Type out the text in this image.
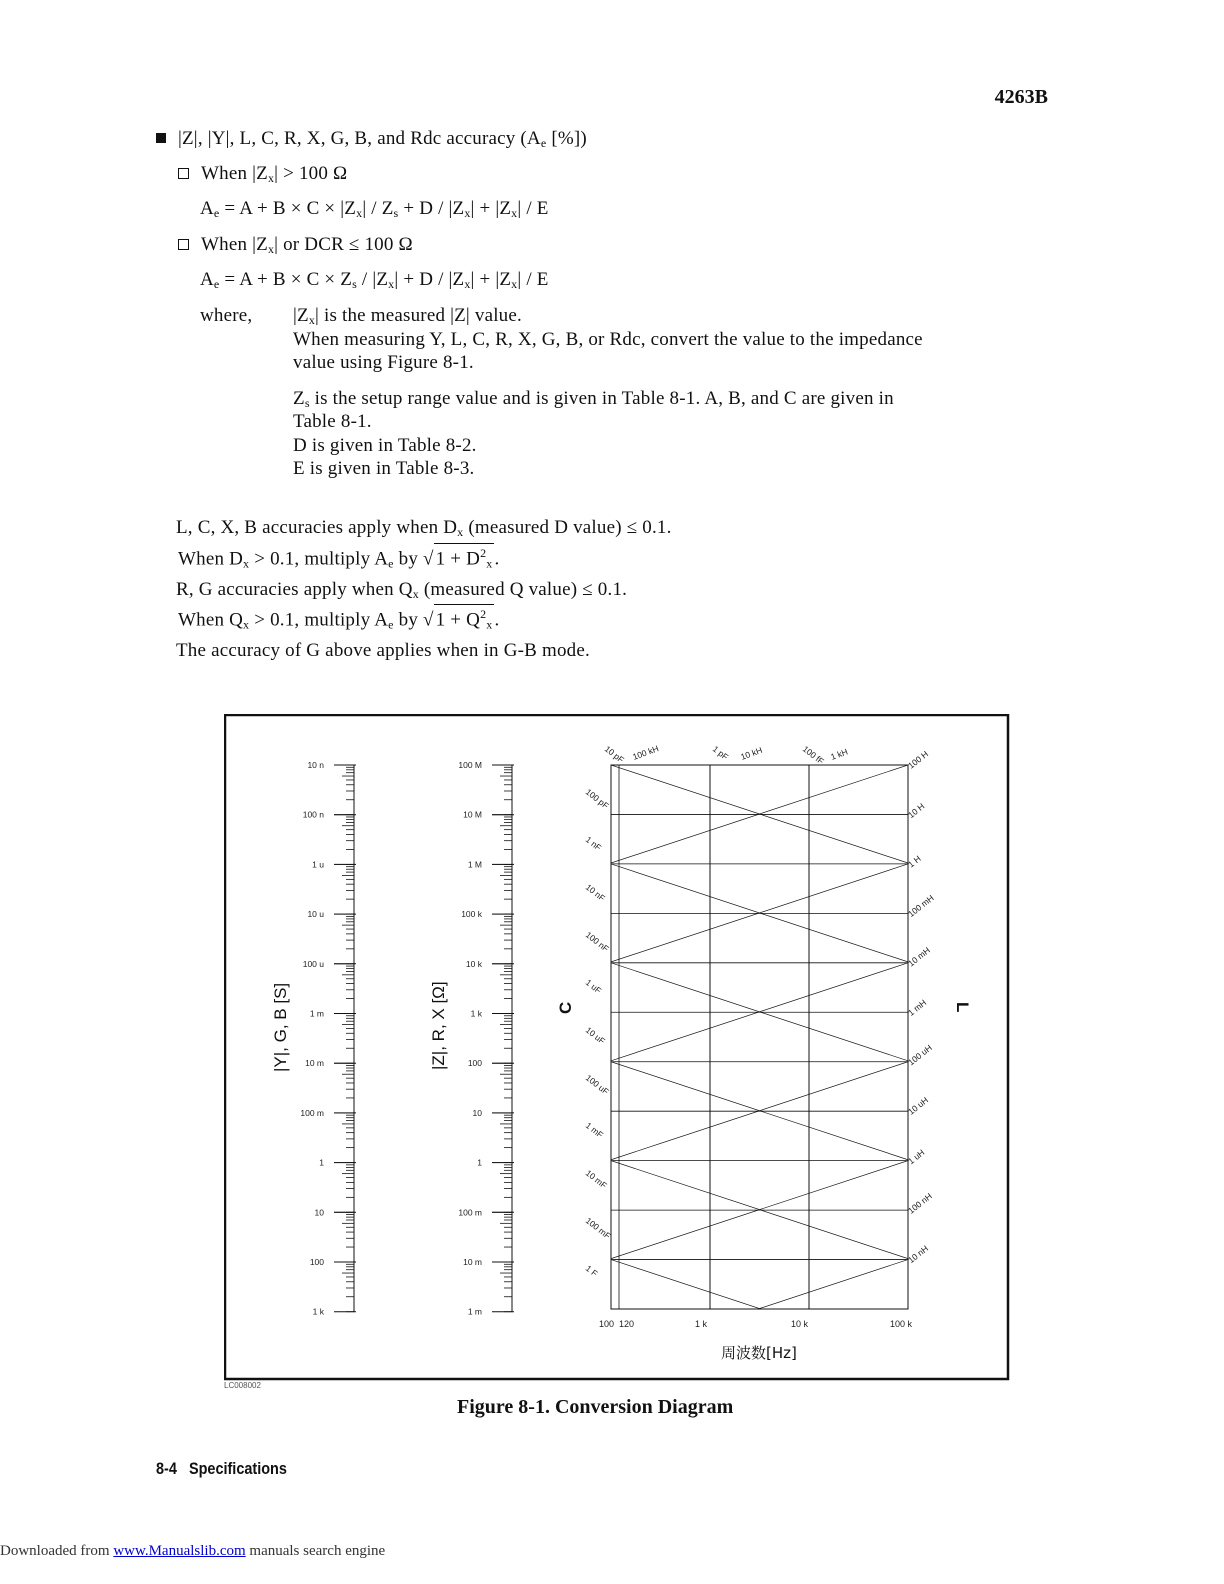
4263B
|Z|, |Y|, L, C, R, X, G, B, and Rdc accuracy ($A_e$ [%])
When $|Z_x| > 100$ Ω
$A_e = A + B \times C \times |Z_x| / Z_s + D / |Z_x| + |Z_x| / E$
When $|Z_x|$ or DCR ≤ 100 Ω
$A_e = A + B \times C \times Z_s / |Z_x| + D / |Z_x| + |Z_x| / E$
where, $|Z_x|$ is the measured |Z| value.
When measuring Y, L, C, R, X, G, B, or Rdc, convert the value to the impedance
value using Figure 8-1.
$Z_s$ is the setup range value and is given in Table 8-1. A, B, and C are given in
Table 8-1.
D is given in Table 8-2.
E is given in Table 8-3.
L, C, X, B accuracies apply when $D_x$ (measured D value) ≤ 0.1.
When $D_x > 0.1$, multiply $A_e$ by √ $1 + D^2_x$ .
R, G accuracies apply when $Q_x$ (measured Q value) ≤ 0.1.
When $Q_x > 0.1$, multiply $A_e$ by √ $1 + Q^2_x$ .
The accuracy of G above applies when in G-B mode.
10 n
100 n
1 u
10 u
100 u
1 m
10 m
100 m
1
10
100
1 k
100 M
10 M
1 M
100 k
10 k
1 k
100
10
1
100 m
10 m
1 m
100 pF
1 nF
10 nF
100 nF
1 uF
10 uF
100 uF
1 mF
10 mF
100 mF
1 F
100 H
10 H
1 H
100 mH
10 mH
1 mH
100 uH
10 uH
1 uH
100 nH
10 nH
10 pF	1 pF	100 fF
100 kH	10 kH	1 kH
100 120	1 k	10 k	100 k
|Y|, G, B [S]	|Z|, R, X [Ω]	C	L
周波数[Hz]
LC008002
Figure 8-1. Conversion Diagram
8-4 Specifications
Downloaded from www.Manualslib.com manuals search engine
